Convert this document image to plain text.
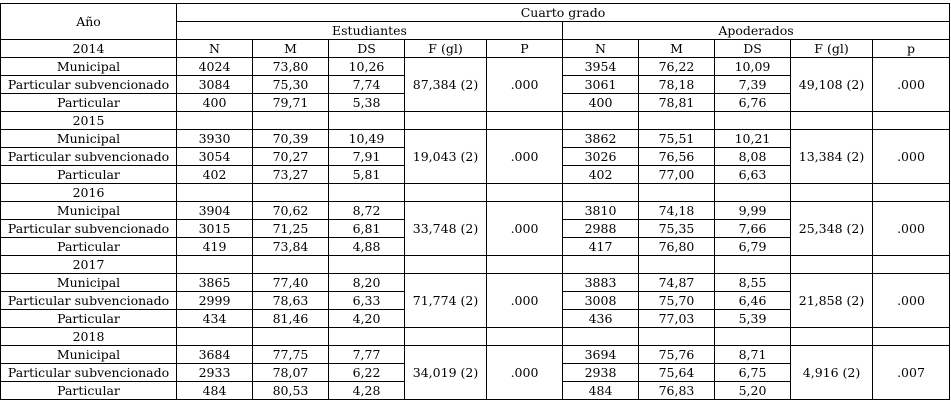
Año	Cuarto grado									
	Estudiantes					Apoderados				
2014	N	M	DS	F (gl)	P	N	M	DS	F (gl)	p
Municipal	4024	73,80	10,26	87,384 (2)	.000	3954	76,22	10,09	49,108 (2)	.000
Particular subvencionado	3084	75,30	7,74			3061	78,18	7,39		
Particular	400	79,71	5,38			400	78,81	6,76		
2015										
Municipal	3930	70,39	10,49	19,043 (2)	.000	3862	75,51	10,21	13,384 (2)	.000
Particular subvencionado	3054	70,27	7,91			3026	76,56	8,08		
Particular	402	73,27	5,81			402	77,00	6,63		
2016										
Municipal	3904	70,62	8,72	33,748 (2)	.000	3810	74,18	9,99	25,348 (2)	.000
Particular subvencionado	3015	71,25	6,81			2988	75,35	7,66		
Particular	419	73,84	4,88			417	76,80	6,79		
2017										
Municipal	3865	77,40	8,20	71,774 (2)	.000	3883	74,87	8,55	21,858 (2)	.000
Particular subvencionado	2999	78,63	6,33			3008	75,70	6,46		
Particular	434	81,46	4,20			436	77,03	5,39		
2018										
Municipal	3684	77,75	7,77	34,019 (2)	.000	3694	75,76	8,71	4,916 (2)	.007
Particular subvencionado	2933	78,07	6,22			2938	75,64	6,75		
Particular	484	80,53	4,28			484	76,83	5,20		
